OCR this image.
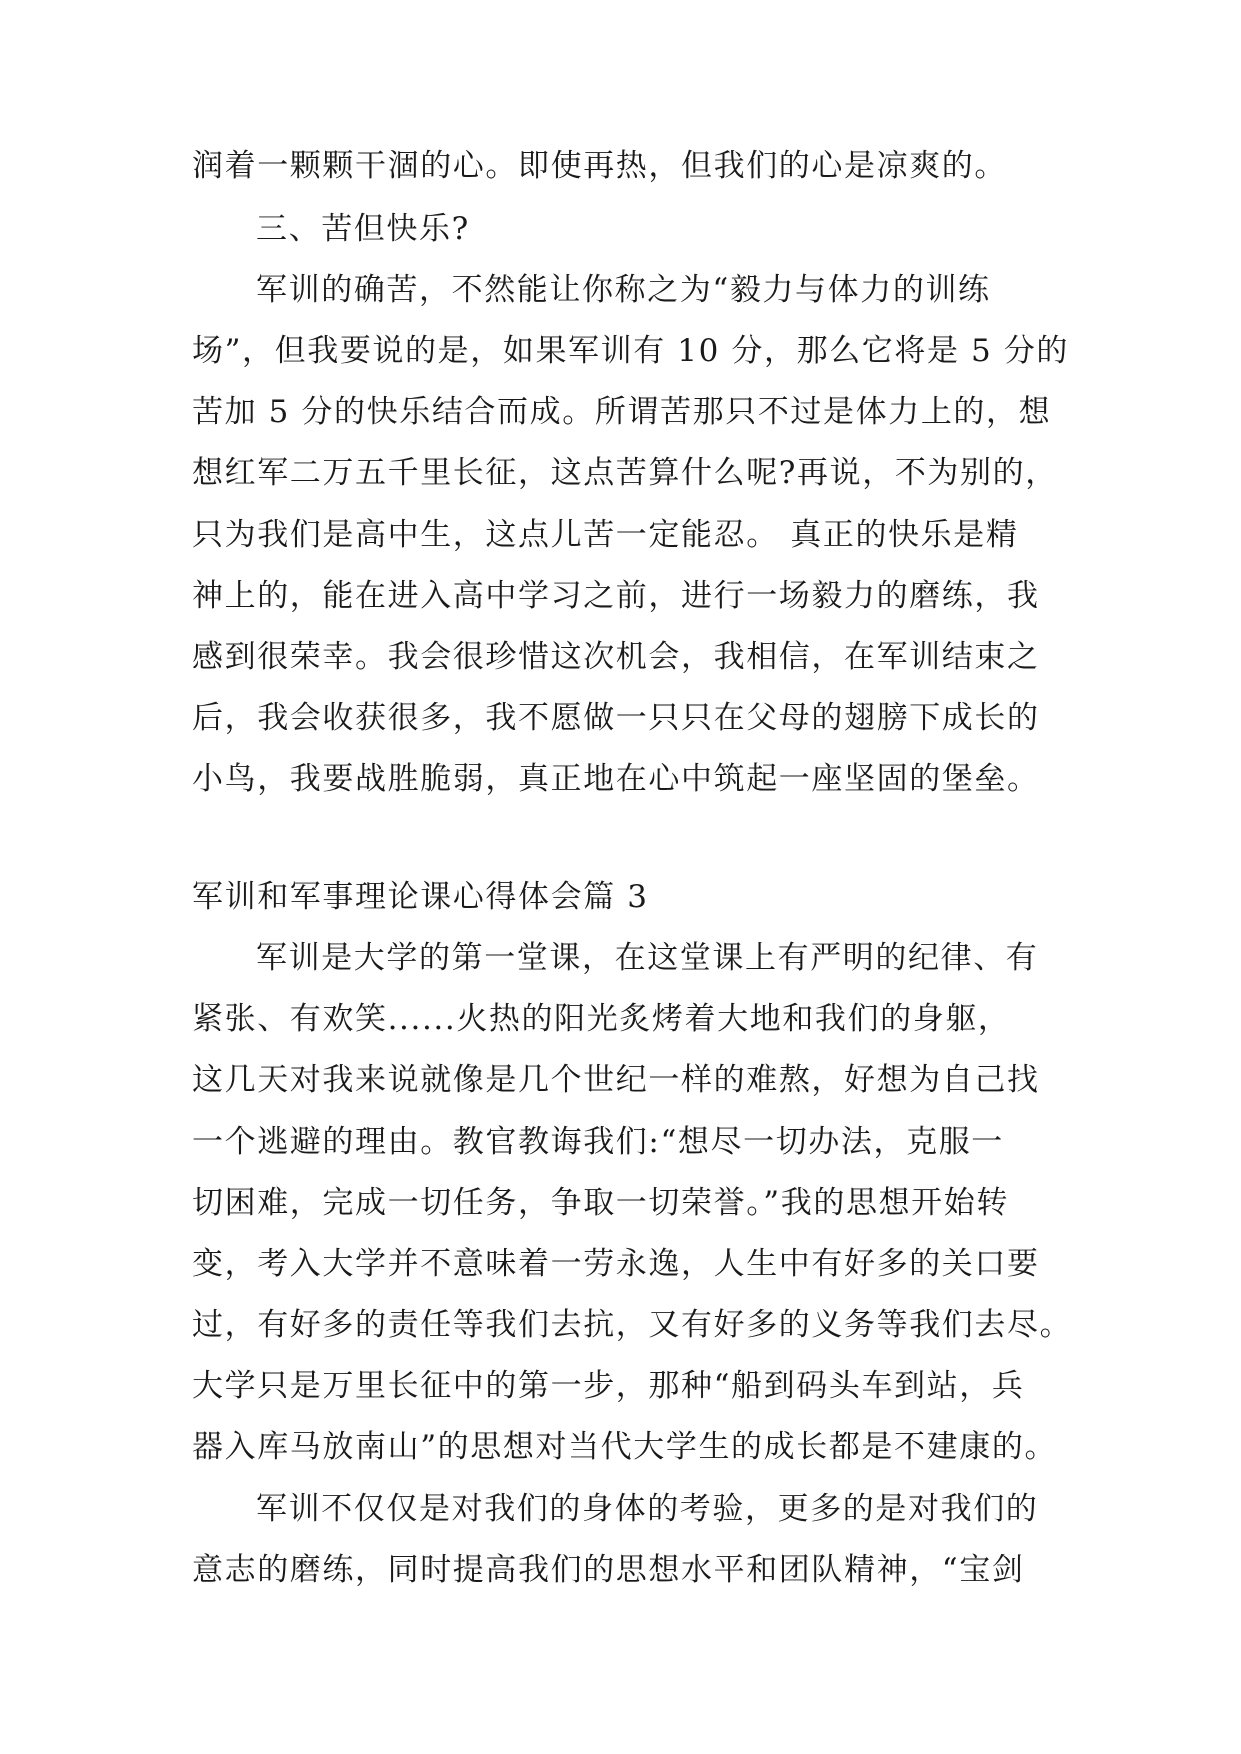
润着一颗颗干涸的心。即使再热，但我们的心是凉爽的。
三、苦但快乐?
军训的确苦，不然能让你称之为“毅力与体力的训练
场”，但我要说的是，如果军训有 10 分，那么它将是 5 分的
苦加 5 分的快乐结合而成。所谓苦那只不过是体力上的，想
想红军二万五千里长征，这点苦算什么呢?再说，不为别的，
只为我们是高中生，这点儿苦一定能忍。 真正的快乐是精
神上的，能在进入高中学习之前，进行一场毅力的磨练，我
感到很荣幸。我会很珍惜这次机会，我相信，在军训结束之
后，我会收获很多，我不愿做一只只在父母的翅膀下成长的
小鸟，我要战胜脆弱，真正地在心中筑起一座坚固的堡垒。
军训和军事理论课心得体会篇 3
军训是大学的第一堂课，在这堂课上有严明的纪律、有
紧张、有欢笑......火热的阳光炙烤着大地和我们的身躯，
这几天对我来说就像是几个世纪一样的难熬，好想为自己找
一个逃避的理由。教官教诲我们:“想尽一切办法，克服一
切困难，完成一切任务，争取一切荣誉。”我的思想开始转
变，考入大学并不意味着一劳永逸，人生中有好多的关口要
过，有好多的责任等我们去抗，又有好多的义务等我们去尽。
大学只是万里长征中的第一步，那种“船到码头车到站，兵
器入库马放南山”的思想对当代大学生的成长都是不建康的。
军训不仅仅是对我们的身体的考验，更多的是对我们的
意志的磨练，同时提高我们的思想水平和团队精神，“宝剑
